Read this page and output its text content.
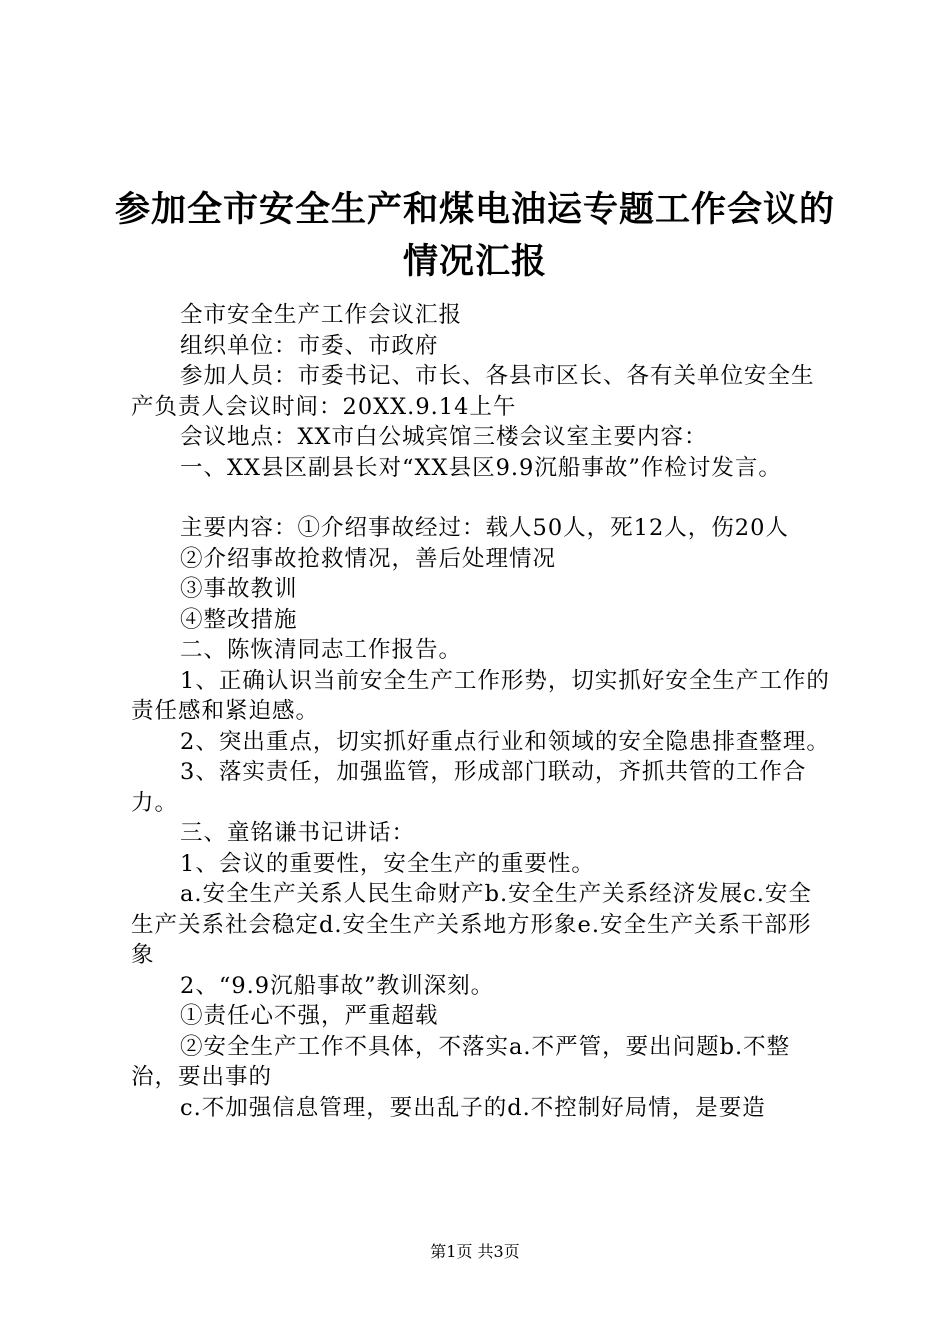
参加全市安全生产和煤电油运专题工作会议的
情况汇报

全市安全生产工作会议汇报

组织单位：市委、市政府

参加人员：市委书记、市长、各县市区长、各有关单位安全生产负责人会议时间：20XX.9.14上午

会议地点：XX市白公城宾馆三楼会议室主要内容：

一、XX县区副县长对“XX县区9.9沉船事故”作检讨发言。

主要内容：①介绍事故经过：载人50人，死12人，伤20人

②介绍事故抢救情况，善后处理情况

③事故教训

④整改措施

二、陈恢清同志工作报告。

1、正确认识当前安全生产工作形势，切实抓好安全生产工作的责任感和紧迫感。

2、突出重点，切实抓好重点行业和领域的安全隐患排查整理。

3、落实责任，加强监管，形成部门联动，齐抓共管的工作合力。

三、童铭谦书记讲话：

1、会议的重要性，安全生产的重要性。

a.安全生产关系人民生命财产b.安全生产关系经济发展c.安全生产关系社会稳定d.安全生产关系地方形象e.安全生产关系干部形象

2、“9.9沉船事故”教训深刻。

①责任心不强，严重超载

②安全生产工作不具体，不落实a.不严管，要出问题b.不整治，要出事的

c.不加强信息管理，要出乱子的d.不控制好局情，是要造

第1页 共3页
